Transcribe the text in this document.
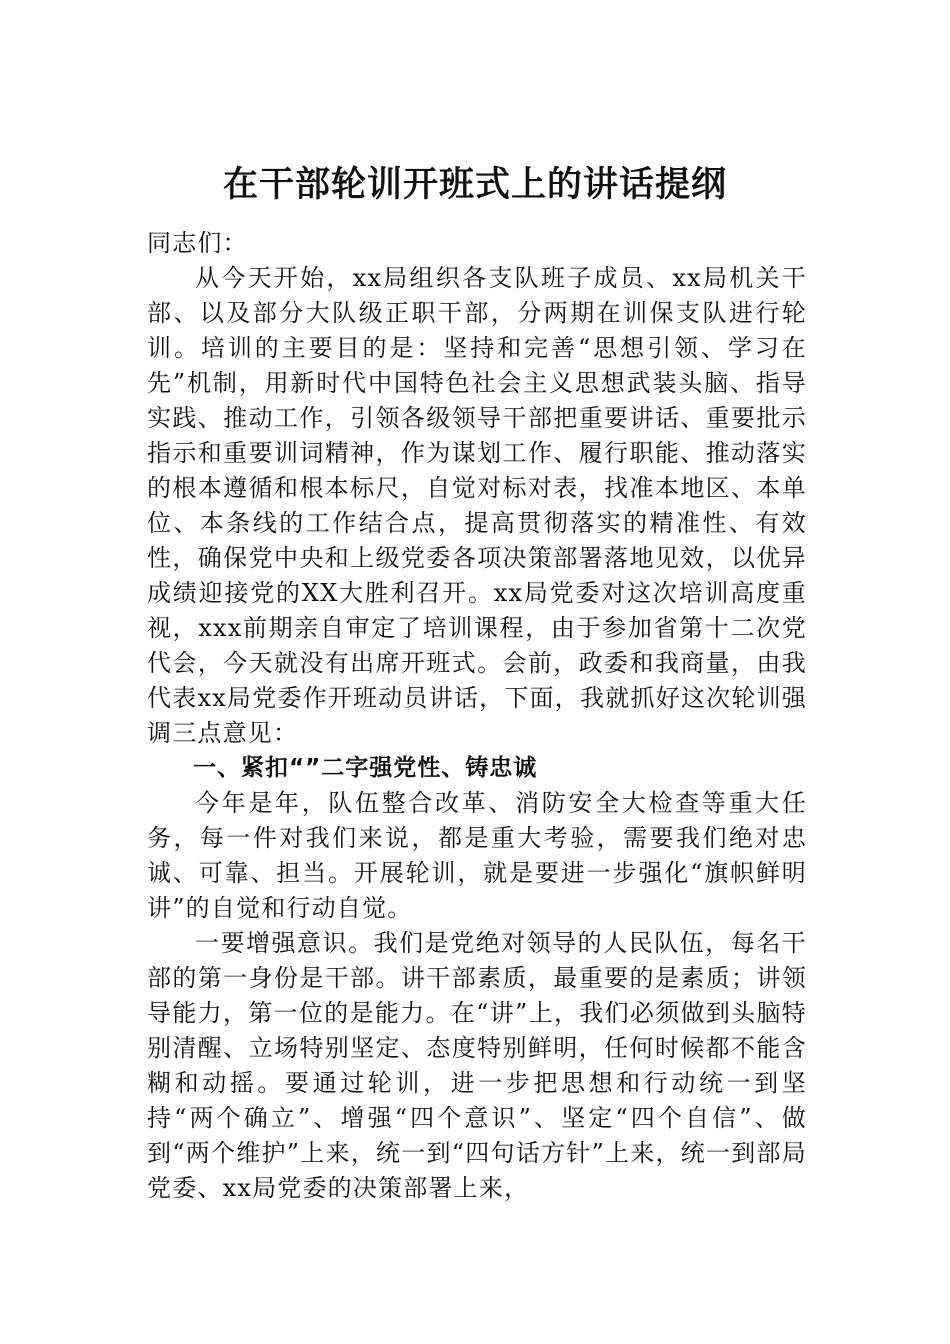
在干部轮训开班式上的讲话提纲

同志们：

从今天开始，xx局组织各支队班子成员、xx局机关干部、以及部分大队级正职干部，分两期在训保支队进行轮训。培训的主要目的是：坚持和完善“思想引领、学习在先”机制，用新时代中国特色社会主义思想武装头脑、指导实践、推动工作，引领各级领导干部把重要讲话、重要批示指示和重要训词精神，作为谋划工作、履行职能、推动落实的根本遵循和根本标尺，自觉对标对表，找准本地区、本单位、本条线的工作结合点，提高贯彻落实的精准性、有效性，确保党中央和上级党委各项决策部署落地见效，以优异成绩迎接党的XX大胜利召开。xx局党委对这次培训高度重视，xxx前期亲自审定了培训课程，由于参加省第十二次党代会，今天就没有出席开班式。会前，政委和我商量，由我代表xx局党委作开班动员讲话，下面，我就抓好这次轮训强调三点意见：

一、紧扣“”二字强党性、铸忠诚

今年是年，队伍整合改革、消防安全大检查等重大任务，每一件对我们来说，都是重大考验，需要我们绝对忠诚、可靠、担当。开展轮训，就是要进一步强化“旗帜鲜明讲”的自觉和行动自觉。

一要增强意识。我们是党绝对领导的人民队伍，每名干部的第一身份是干部。讲干部素质，最重要的是素质；讲领导能力，第一位的是能力。在“讲”上，我们必须做到头脑特别清醒、立场特别坚定、态度特别鲜明，任何时候都不能含糊和动摇。要通过轮训，进一步把思想和行动统一到坚持“两个确立”、增强“四个意识”、坚定“四个自信”、做到“两个维护”上来，统一到“四句话方针”上来，统一到部局党委、xx局党委的决策部署上来，
